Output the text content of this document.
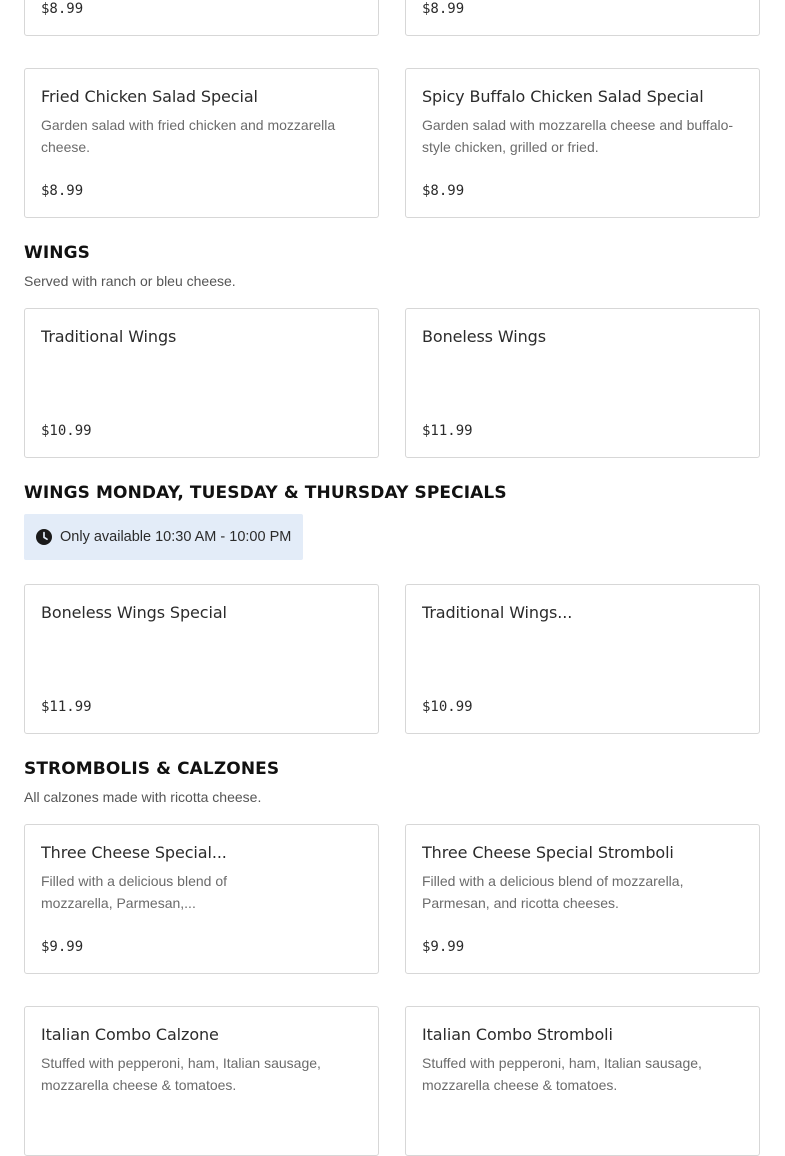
$8.99	$8.99
Fried Chicken Salad Special
Garden salad with fried chicken and mozzarella cheese.
$8.99
Spicy Buffalo Chicken Salad Special
Garden salad with mozzarella cheese and buffalo-style chicken, grilled or fried.
$8.99
WINGS
Served with ranch or bleu cheese.
Traditional Wings
$10.99
Boneless Wings
$11.99
WINGS MONDAY, TUESDAY & THURSDAY SPECIALS
Only available 10:30 AM - 10:00 PM
Boneless Wings Special
$11.99
Traditional Wings...
$10.99
STROMBOLIS & CALZONES
All calzones made with ricotta cheese.
Three Cheese Special...
Filled with a delicious blend of mozzarella, Parmesan,...
$9.99
Three Cheese Special Stromboli
Filled with a delicious blend of mozzarella, Parmesan, and ricotta cheeses.
$9.99
Italian Combo Calzone
Stuffed with pepperoni, ham, Italian sausage, mozzarella cheese & tomatoes.
Italian Combo Stromboli
Stuffed with pepperoni, ham, Italian sausage, mozzarella cheese & tomatoes.
